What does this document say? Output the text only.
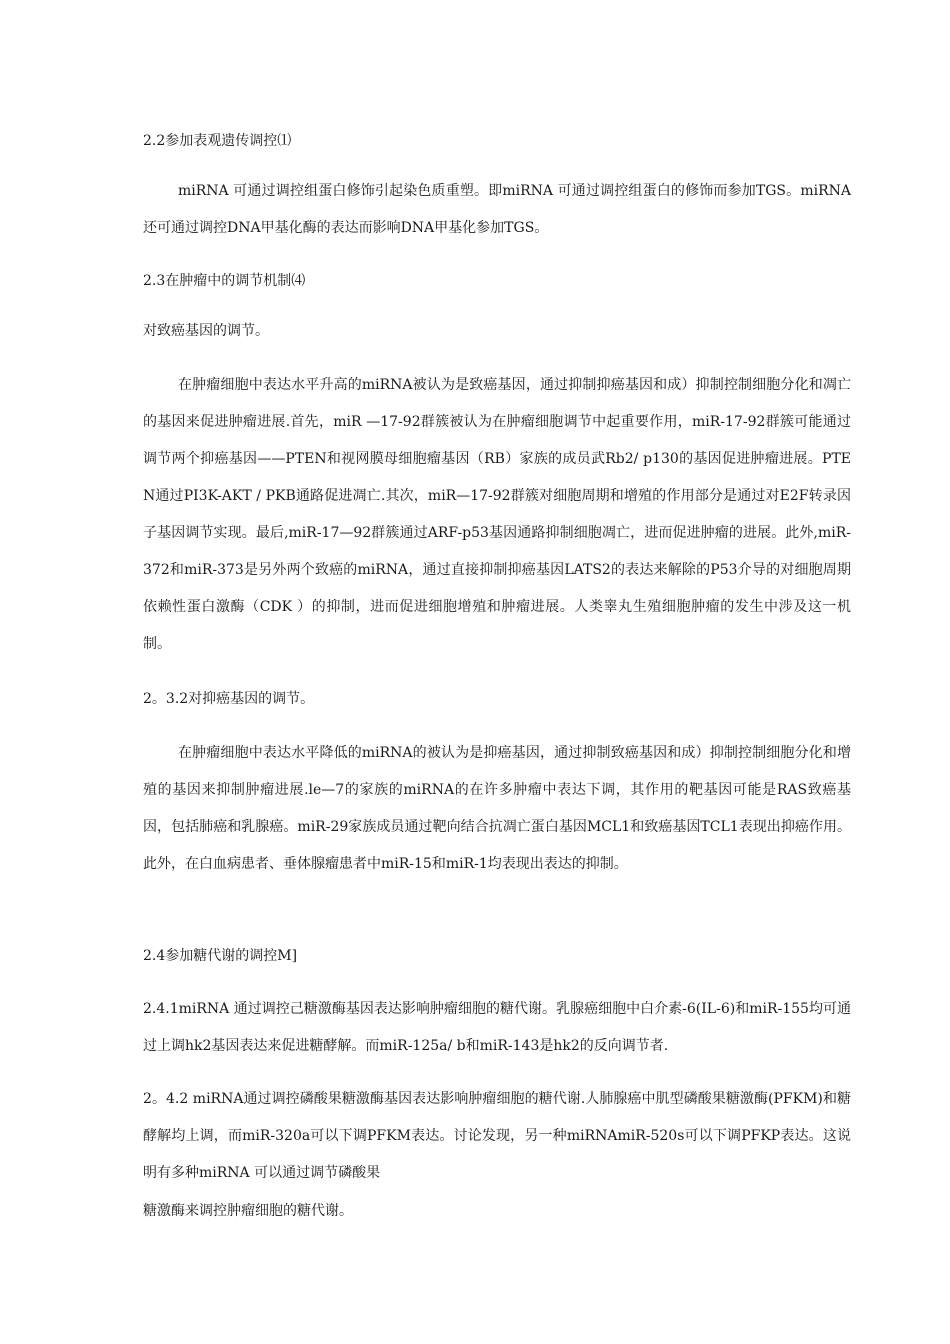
2.2参加表观遗传调控⑴

miRNA 可通过调控组蛋白修饰引起染色质重塑。即miRNA 可通过调控组蛋白的修饰而参加TGS。miRNA 还可通过调控DNA甲基化酶的表达而影响DNA甲基化参加TGS。

2.3在肿瘤中的调节机制⑷

对致癌基因的调节。

在肿瘤细胞中表达水平升高的miRNA被认为是致癌基因，通过抑制抑癌基因和成）抑制控制细胞分化和凋亡的基因来促进肿瘤进展.首先，miR —17-92群簇被认为在肿瘤细胞调节中起重要作用，miR-17-92群簇可能通过调节两个抑癌基因——PTEN和视网膜母细胞瘤基因（RB）家族的成员武Rb2/ p130的基因促进肿瘤进展。PTEN通过PI3K-AKT / PKB通路促进凋亡.其次，miR—17-92群簇对细胞周期和增殖的作用部分是通过对E2F转录因子基因调节实现。最后,miR-17—92群簇通过ARF-p53基因通路抑制细胞凋亡，进而促进肿瘤的进展。此外,miR-372和miR-373是另外两个致癌的miRNA，通过直接抑制抑癌基因LATS2的表达来解除的P53介导的对细胞周期依赖性蛋白激酶（CDK ）的抑制，进而促进细胞增殖和肿瘤进展。人类睾丸生殖细胞肿瘤的发生中涉及这一机制。

2。3.2对抑癌基因的调节。

在肿瘤细胞中表达水平降低的miRNA的被认为是抑癌基因，通过抑制致癌基因和成）抑制控制细胞分化和增殖的基因来抑制肿瘤进展.le—7的家族的miRNA的在许多肿瘤中表达下调，其作用的靶基因可能是RAS致癌基因，包括肺癌和乳腺癌。miR-29家族成员通过靶向结合抗凋亡蛋白基因MCL1和致癌基因TCL1表现出抑癌作用。此外，在白血病患者、垂体腺瘤患者中miR-15和miR-1均表现出表达的抑制。

2.4参加糖代谢的调控M]

2.4.1miRNA 通过调控己糖激酶基因表达影响肿瘤细胞的糖代谢。乳腺癌细胞中白介素-6(IL-6)和miR-155均可通过上调hk2基因表达来促进糖酵解。而miR-125a/ b和miR-143是hk2的反向调节者.

2。4.2 miRNA通过调控磷酸果糖激酶基因表达影响肿瘤细胞的糖代谢.人肺腺癌中肌型磷酸果糖激酶(PFKM)和糖酵解均上调，而miR-320a可以下调PFKM表达。讨论发现，另一种miRNAmiR-520s可以下调PFKP表达。这说明有多种miRNA 可以通过调节磷酸果

糖激酶来调控肿瘤细胞的糖代谢。
